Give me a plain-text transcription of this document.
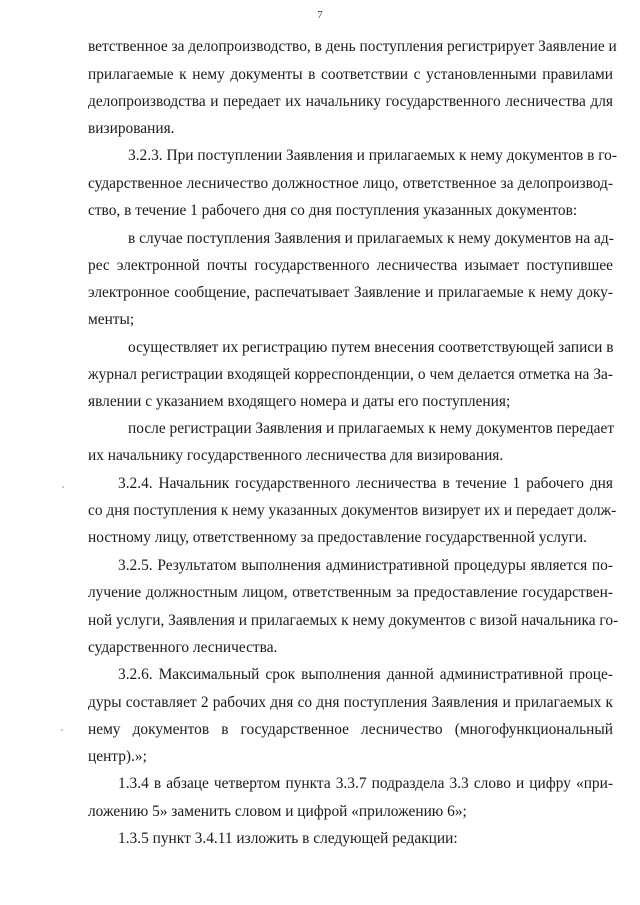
7
ветственное за делопроизводство, в день поступления регистрирует Заявление и
прилагаемые к нему документы в соответствии с установленными правилами
делопроизводства и передает их начальнику государственного лесничества для
визирования.
3.2.3. При поступлении Заявления и прилагаемых к нему документов в го-
сударственное лесничество должностное лицо, ответственное за делопроизвод-
ство, в течение 1 рабочего дня со дня поступления указанных документов:
в случае поступления Заявления и прилагаемых к нему документов на ад-
рес электронной почты государственного лесничества изымает поступившее
электронное сообщение, распечатывает Заявление и прилагаемые к нему доку-
менты;
осуществляет их регистрацию путем внесения соответствующей записи в
журнал регистрации входящей корреспонденции, о чем делается отметка на За-
явлении с указанием входящего номера и даты его поступления;
после регистрации Заявления и прилагаемых к нему документов передает
их начальнику государственного лесничества для визирования.
3.2.4. Начальник государственного лесничества в течение 1 рабочего дня
со дня поступления к нему указанных документов визирует их и передает долж-
ностному лицу, ответственному за предоставление государственной услуги.
3.2.5. Результатом выполнения административной процедуры является по-
лучение должностным лицом, ответственным за предоставление государствен-
ной услуги, Заявления и прилагаемых к нему документов с визой начальника го-
сударственного лесничества.
3.2.6. Максимальный срок выполнения данной административной проце-
дуры составляет 2 рабочих дня со дня поступления Заявления и прилагаемых к
нему документов в государственное лесничество (многофункциональный
центр).»;
1.3.4 в абзаце четвертом пункта 3.3.7 подраздела 3.3 слово и цифру «при-
ложению 5» заменить словом и цифрой «приложению 6»;
1.3.5 пункт 3.4.11 изложить в следующей редакции:
